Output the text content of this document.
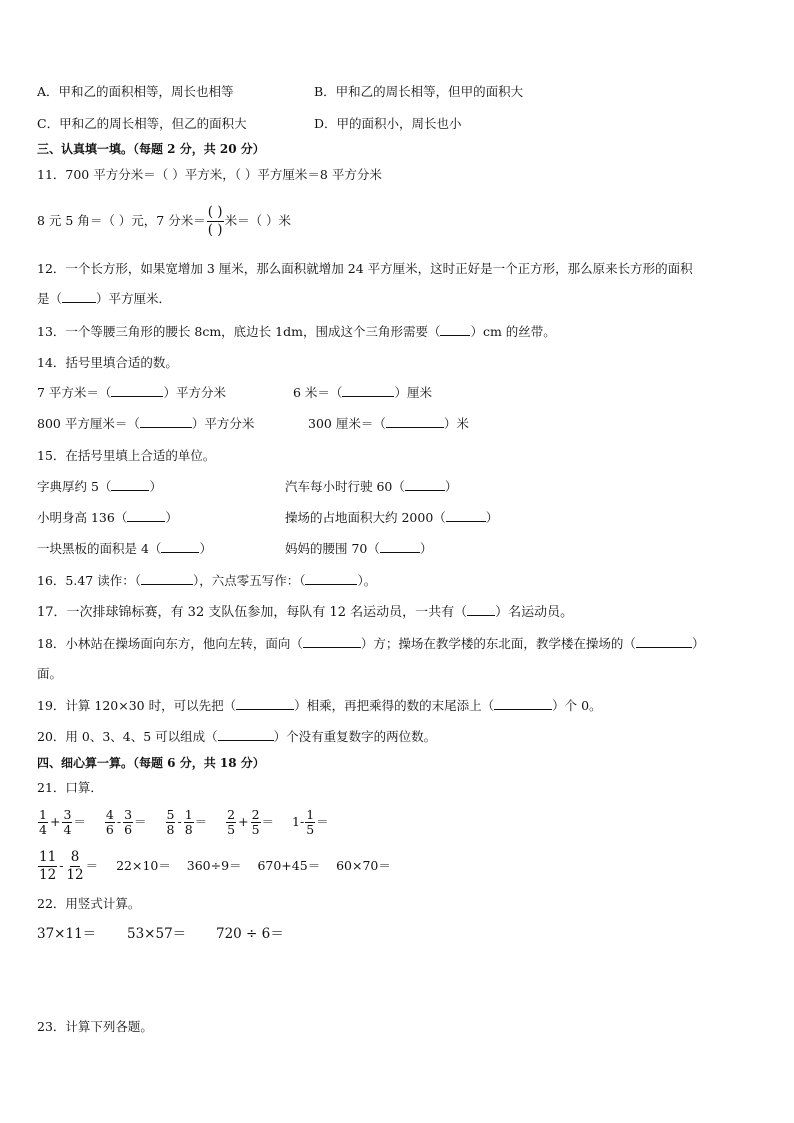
A．甲和乙的面积相等，周长也相等	B．甲和乙的周长相等，但甲的面积大
C．甲和乙的周长相等，但乙的面积大	D．甲的面积小，周长也小
三、认真填一填。（每题 2 分，共 20 分）
11．700 平方分米＝（ ）平方米，（ ）平方厘米＝8 平方分米
8 元 5 角＝（ ）元，7 分米＝ $\frac{( )}{( )}$ 米＝（ ）米
12．一个长方形，如果宽增加 3 厘米，那么面积就增加 24 平方厘米，这时正好是一个正方形，那么原来长方形的面积
是（	）平方厘米．
13．一个等腰三角形的腰长 8cm，底边长 1dm，围成这个三角形需要（ ）cm 的丝带。
14．括号里填合适的数。
7 平方米＝（	）平方分米	6 米＝（	）厘米
800 平方厘米＝（	）平方分米	300 厘米＝（	）米
15．在括号里填上合适的单位。
字典厚约 5（	）	汽车每小时行驶 60（	）
小明身高 136（	）	操场的占地面积大约 2000（	）
一块黑板的面积是 4（	）	妈妈的腰围 70（	）
16．5.47 读作：（	），六点零五写作：（	）。
17．一次排球锦标赛，有 32 支队伍参加，每队有 12 名运动员，一共有（ ）名运动员。
18．小林站在操场面向东方，他向左转，面向（	）方；操场在教学楼的东北面，教学楼在操场的（	）
面。
19．计算 120×30 时，可以先把（	）相乘，再把乘得的数的末尾添上（	）个 0。
20．用 0、3、4、5 可以组成（	）个没有重复数字的两位数。
四、细心算一算。（每题 6 分，共 18 分）
21．口算．
$\frac{1}{4} + \frac{3}{4} = \frac{4}{6} - \frac{3}{6} = \frac{5}{8} - \frac{1}{8} = \frac{2}{5} + \frac{2}{5} = 1- \frac{1}{5}$ ＝
$\frac{11}{12} - \frac{8}{12} = 22\times 10=$    360÷9＝    670+45＝    60×70＝
22．用竖式计算。
37×11＝ 53×57＝ 720 ÷ 6＝
23．计算下列各题。
